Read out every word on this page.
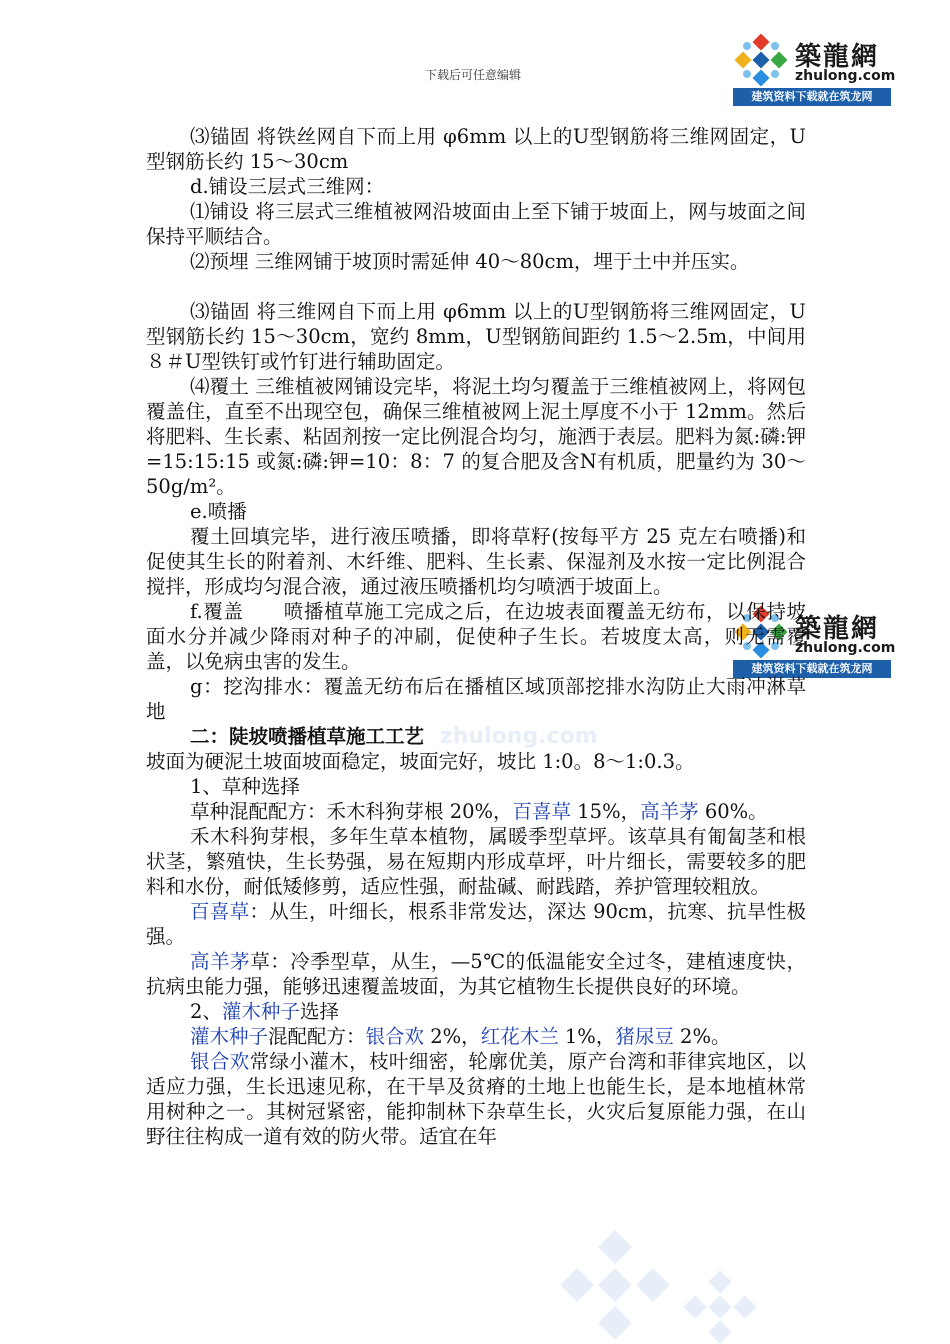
下载后可任意编辑
築龍網
zhulong.com
建筑资料下载就在筑龙网
築龍網
zhulong.com
建筑资料下载就在筑龙网
zhulong.com

⑶锚固 将铁丝网自下而上用 φ6mm 以上的U型钢筋将三维网固定，U型钢筋长约 15～30cm

d.铺设三层式三维网：

⑴铺设 将三层式三维植被网沿坡面由上至下铺于坡面上，网与坡面之间保持平顺结合。

⑵预埋 三维网铺于坡顶时需延伸 40～80cm，埋于土中并压实。

⑶锚固 将三维网自下而上用 φ6mm 以上的U型钢筋将三维网固定，U型钢筋长约 15～30cm，宽约 8mm，U型钢筋间距约 1.5～2.5m，中间用８＃U型铁钉或竹钉进行辅助固定。

⑷覆土 三维植被网铺设完毕，将泥土均匀覆盖于三维植被网上，将网包覆盖住，直至不出现空包，确保三维植被网上泥土厚度不小于 12mm。然后将肥料、生长素、粘固剂按一定比例混合均匀，施洒于表层。肥料为氮:磷:钾=15:15:15 或氮:磷:钾=10：8：7 的复合肥及含N有机质，肥量约为 30～50g/m²。

e.喷播

覆土回填完毕，进行液压喷播，即将草籽(按每平方 25 克左右喷播)和促使其生长的附着剂、木纤维、肥料、生长素、保湿剂及水按一定比例混合搅拌，形成均匀混合液，通过液压喷播机均匀喷洒于坡面上。

f.覆盖　　喷播植草施工完成之后，在边坡表面覆盖无纺布，以保持坡面水分并减少降雨对种子的冲刷，促使种子生长。若坡度太高，则无需覆盖，以免病虫害的发生。

g：挖沟排水：覆盖无纺布后在播植区域顶部挖排水沟防止大雨冲淋草地

二：陡坡喷播植草施工工艺

坡面为硬泥土坡面坡面稳定，坡面完好，坡比 1:0。8～1:0.3。

1、草种选择

草种混配配方：禾木科狗芽根 20%，百喜草 15%，高羊茅 60%。

禾木科狗芽根，多年生草本植物，属暖季型草坪。该草具有匍匐茎和根状茎，繁殖快，生长势强，易在短期内形成草坪，叶片细长，需要较多的肥料和水份，耐低矮修剪，适应性强，耐盐碱、耐践踏，养护管理较粗放。

百喜草：从生，叶细长，根系非常发达，深达 90cm，抗寒、抗旱性极强。

高羊茅草：冷季型草，从生，—5℃的低温能安全过冬，建植速度快，抗病虫能力强，能够迅速覆盖坡面，为其它植物生长提供良好的环境。

2、灌木种子选择

灌木种子混配配方：银合欢 2%，红花木兰 1%，猪尿豆 2%。

银合欢常绿小灌木，枝叶细密，轮廓优美，原产台湾和菲律宾地区，以适应力强，生长迅速见称，在干旱及贫瘠的土地上也能生长，是本地植林常用树种之一。其树冠紧密，能抑制林下杂草生长，火灾后复原能力强，在山野往往构成一道有效的防火带。适宜在年
